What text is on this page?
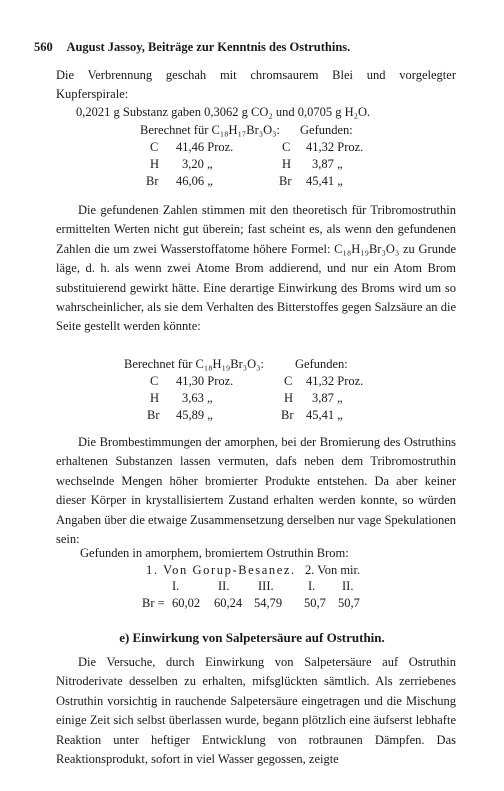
560 August Jassoy, Beiträge zur Kenntnis des Ostruthins.
Die Verbrennung geschah mit chromsaurem Blei und vorgelegter Kupferspirale:
0,2021 g Substanz gaben 0,3062 g CO₂ und 0,0705 g H₂O.
Berechnet für C₁₈H₁₇Br₃O₃: Gefunden:
C 41,46 Proz.	C 41,32 Proz.
H 3,20 „	H 3,87 „
Br 46,06 „	Br 45,41 „
Die gefundenen Zahlen stimmen mit den theoretisch für Tribromostruthin ermittelten Werten nicht gut überein; fast scheint es, als wenn den gefundenen Zahlen die um zwei Wasserstoffatome höhere Formel: C₁₈H₁₉Br₃O₃ zu Grunde läge, d. h. als wenn zwei Atome Brom addierend, und nur ein Atom Brom substituierend gewirkt hätte. Eine derartige Einwirkung des Broms wird um so wahrscheinlicher, als sie dem Verhalten des Bitterstoffes gegen Salzsäure an die Seite gestellt werden könnte:
Berechnet für C₁₈H₁₉Br₃O₃: Gefunden:
C 41,30 Proz.	C 41,32 Proz.
H 3,63 „	H 3,87 „
Br 45,89 „	Br 45,41 „
Die Brombestimmungen der amorphen, bei der Bromierung des Ostruthins erhaltenen Substanzen lassen vermuten, dafs neben dem Tribromostruthin wechselnde Mengen höher bromierter Produkte entstehen. Da aber keiner dieser Körper in krystallisiertem Zustand erhalten werden konnte, so würden Angaben über die etwaige Zusammensetzung derselben nur vage Spekulationen sein:
Gefunden in amorphem, bromiertem Ostruthin Brom:
1. Von Gorup-Besanez. 2. Von mir.
I.	II. III.	I. II.
Br = 60,02 60,24 54,79 50,7 50,7
e) Einwirkung von Salpetersäure auf Ostruthin.
Die Versuche, durch Einwirkung von Salpetersäure auf Ostruthin Nitroderivate desselben zu erhalten, mifsglückten sämtlich. Als zerriebenes Ostruthin vorsichtig in rauchende Salpetersäure eingetragen und die Mischung einige Zeit sich selbst überlassen wurde, begann plötzlich eine äufserst lebhafte Reaktion unter heftiger Entwicklung von rotbraunen Dämpfen. Das Reaktionsprodukt, sofort in viel Wasser gegossen, zeigte
